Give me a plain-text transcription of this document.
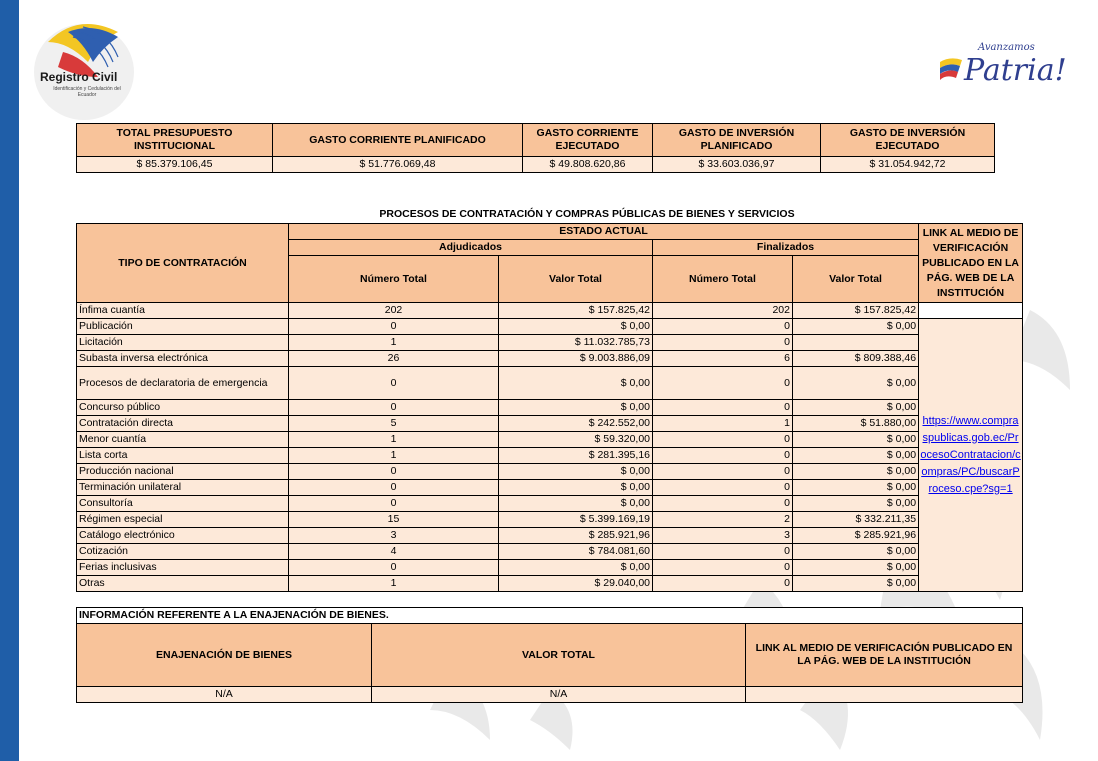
Registro Civil
Identificación y Cedulación del Ecuador
Avanzamos
Patria!
TOTAL PRESUPUESTO INSTITUCIONAL	GASTO CORRIENTE PLANIFICADO	GASTO CORRIENTE EJECUTADO	GASTO DE INVERSIÓN PLANIFICADO	GASTO DE INVERSIÓN EJECUTADO
$ 85.379.106,45	$ 51.776.069,48	$ 49.808.620,86	$ 33.603.036,97	$ 31.054.942,72
PROCESOS DE CONTRATACIÓN Y COMPRAS PÚBLICAS DE BIENES Y SERVICIOS
TIPO DE CONTRATACIÓN	ESTADO ACTUAL				LINK AL MEDIO DE VERIFICACIÓN PUBLICADO EN LA PÁG. WEB DE LA INSTITUCIÓN
	Adjudicados		Finalizados		
	Número Total	Valor Total	Número Total	Valor Total	
Ínfima cuantía	202	$ 157.825,42	202	$ 157.825,42	
Publicación	0	$ 0,00	0	$ 0,00	https://www.compraspublicas.gob.ec/ProcesoContratacion/compras/PC/buscarProceso.cpe?sg=1
Licitación	1	$ 11.032.785,73	0		
Subasta inversa electrónica	26	$ 9.003.886,09	6	$ 809.388,46	
Procesos de declaratoria de emergencia	0	$ 0,00	0	$ 0,00	
Concurso público	0	$ 0,00	0	$ 0,00	
Contratación directa	5	$ 242.552,00	1	$ 51.880,00	
Menor cuantía	1	$ 59.320,00	0	$ 0,00	
Lista corta	1	$ 281.395,16	0	$ 0,00	
Producción nacional	0	$ 0,00	0	$ 0,00	
Terminación unilateral	0	$ 0,00	0	$ 0,00	
Consultoría	0	$ 0,00	0	$ 0,00	
Régimen especial	15	$ 5.399.169,19	2	$ 332.211,35	
Catálogo electrónico	3	$ 285.921,96	3	$ 285.921,96	
Cotización	4	$ 784.081,60	0	$ 0,00	
Ferias inclusivas	0	$ 0,00	0	$ 0,00	
Otras	1	$ 29.040,00	0	$ 0,00	
INFORMACIÓN REFERENTE A LA ENAJENACIÓN DE BIENES.		
ENAJENACIÓN DE BIENES	VALOR TOTAL	LINK AL MEDIO DE VERIFICACIÓN PUBLICADO EN LA PÁG. WEB DE LA INSTITUCIÓN
N/A	N/A	
